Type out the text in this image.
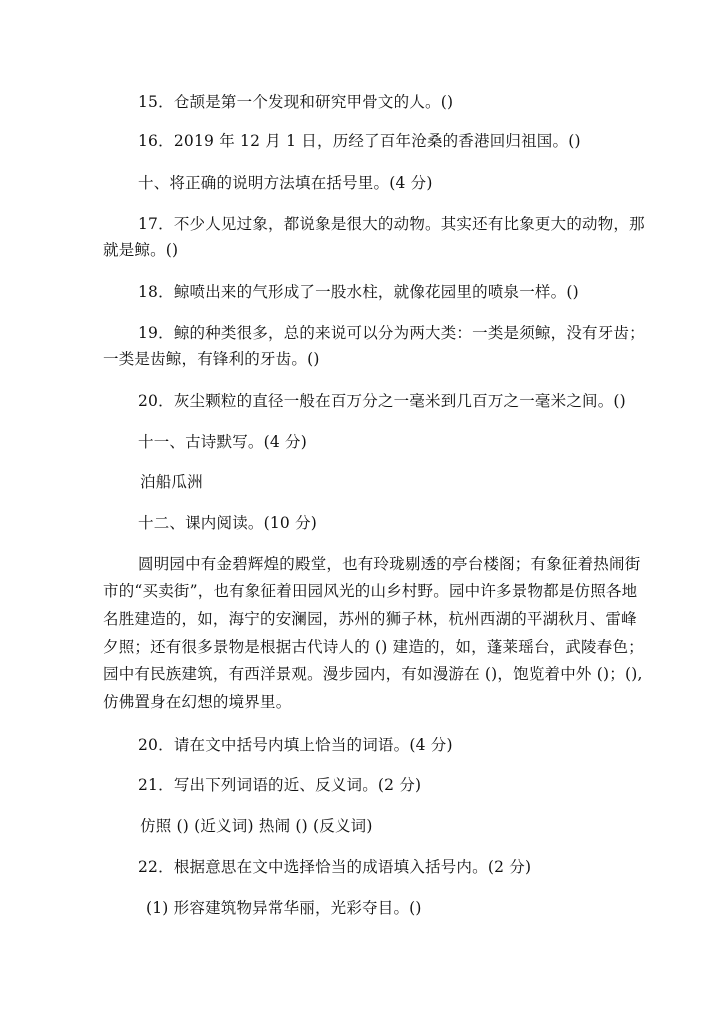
15．仓颉是第一个发现和研究甲骨文的人。()
16．2019 年 12 月 1 日，历经了百年沧桑的香港回归祖国。()
十、将正确的说明方法填在括号里。(4 分)
17．不少人见过象，都说象是很大的动物。其实还有比象更大的动物，那
就是鲸。()
18．鲸喷出来的气形成了一股水柱，就像花园里的喷泉一样。()
19．鲸的种类很多，总的来说可以分为两大类：一类是须鲸，没有牙齿；
一类是齿鲸，有锋利的牙齿。()
20．灰尘颗粒的直径一般在百万分之一毫米到几百万之一毫米之间。()
十一、古诗默写。(4 分)
泊船瓜洲
十二、课内阅读。(10 分)
圆明园中有金碧辉煌的殿堂，也有玲珑剔透的亭台楼阁；有象征着热闹街
市的“买卖街”，也有象征着田园风光的山乡村野。园中许多景物都是仿照各地
名胜建造的，如，海宁的安澜园，苏州的狮子林，杭州西湖的平湖秋月、雷峰
夕照；还有很多景物是根据古代诗人的 () 建造的，如，蓬莱瑶台，武陵春色；
园中有民族建筑，有西洋景观。漫步园内，有如漫游在 ()，饱览着中外 ()；(),
仿佛置身在幻想的境界里。
20．请在文中括号内填上恰当的词语。(4 分)
21．写出下列词语的近、反义词。(2 分)
仿照 () (近义词) 热闹 () (反义词)
22．根据意思在文中选择恰当的成语填入括号内。(2 分)
(1) 形容建筑物异常华丽，光彩夺目。()
